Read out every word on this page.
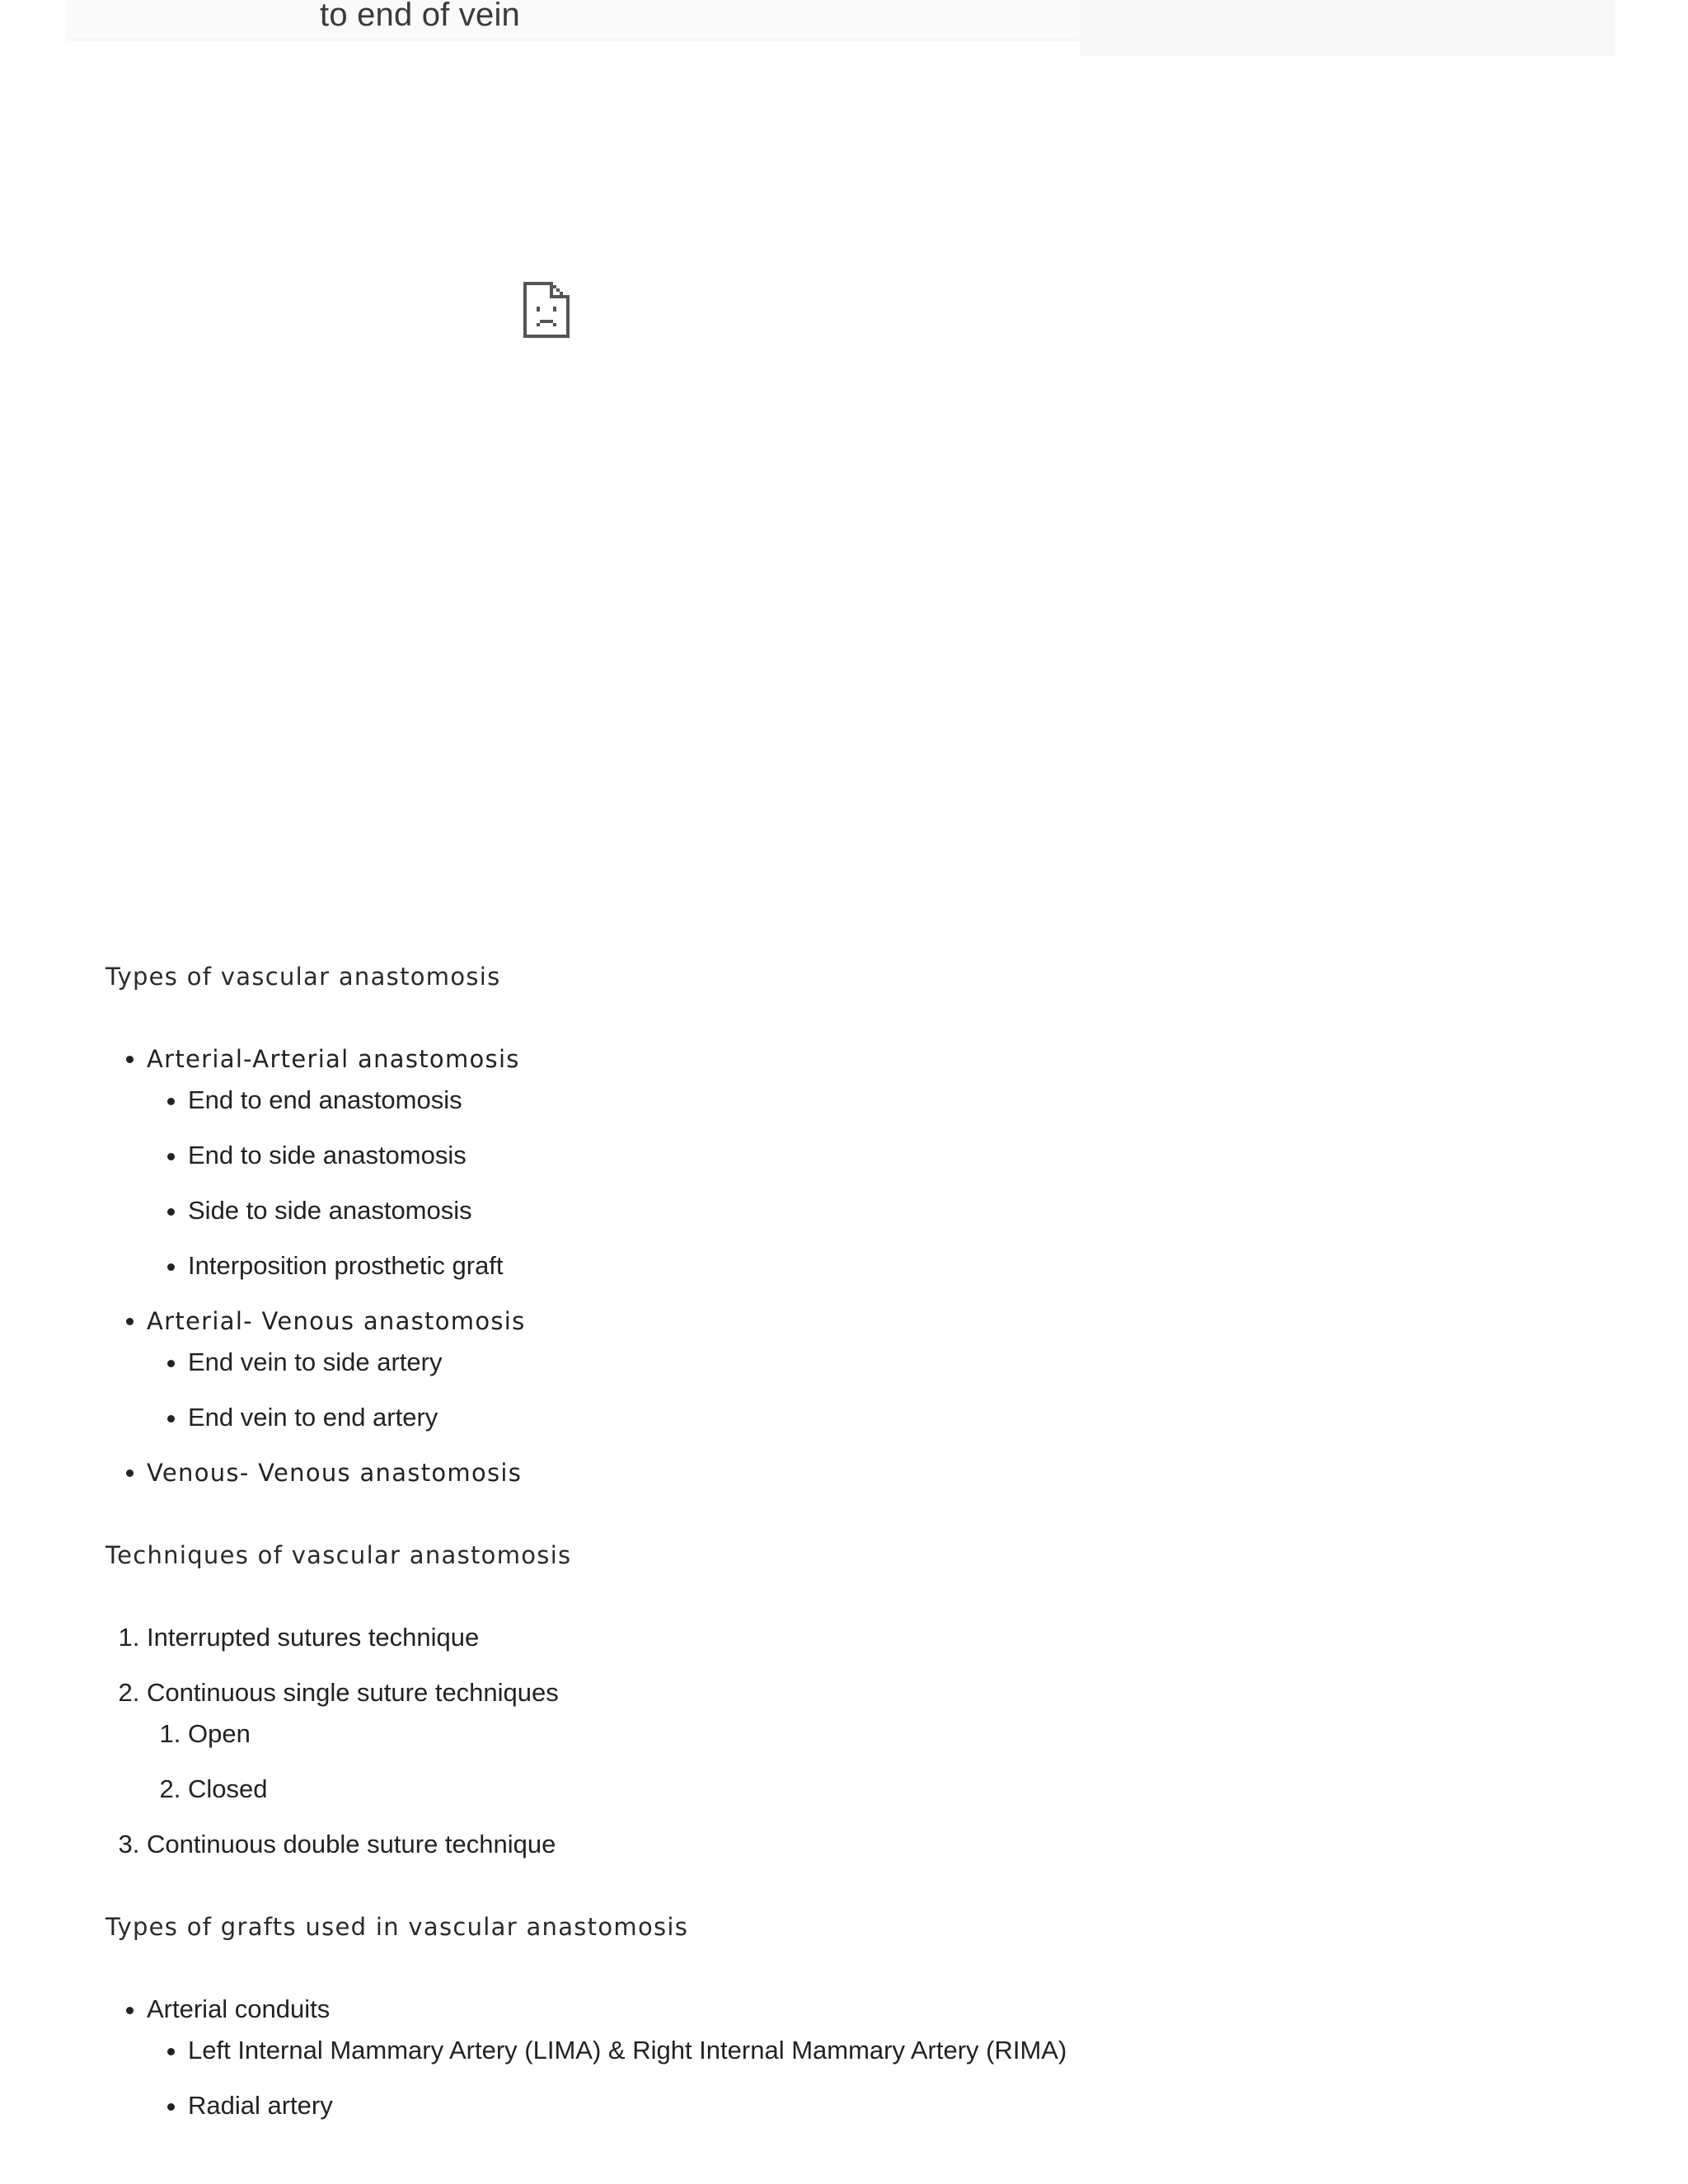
to end of vein

Types of vascular anastomosis

• Arterial-Arterial anastomosis
• End to end anastomosis
• End to side anastomosis
• Side to side anastomosis
• Interposition prosthetic graft
• Arterial- Venous anastomosis
• End vein to side artery
• End vein to end artery
• Venous- Venous anastomosis

Techniques of vascular anastomosis

1. Interrupted sutures technique
2. Continuous single suture techniques
1. Open
2. Closed
3. Continuous double suture technique

Types of grafts used in vascular anastomosis

• Arterial conduits
• Left Internal Mammary Artery (LIMA) & Right Internal Mammary Artery (RIMA)
• Radial artery
